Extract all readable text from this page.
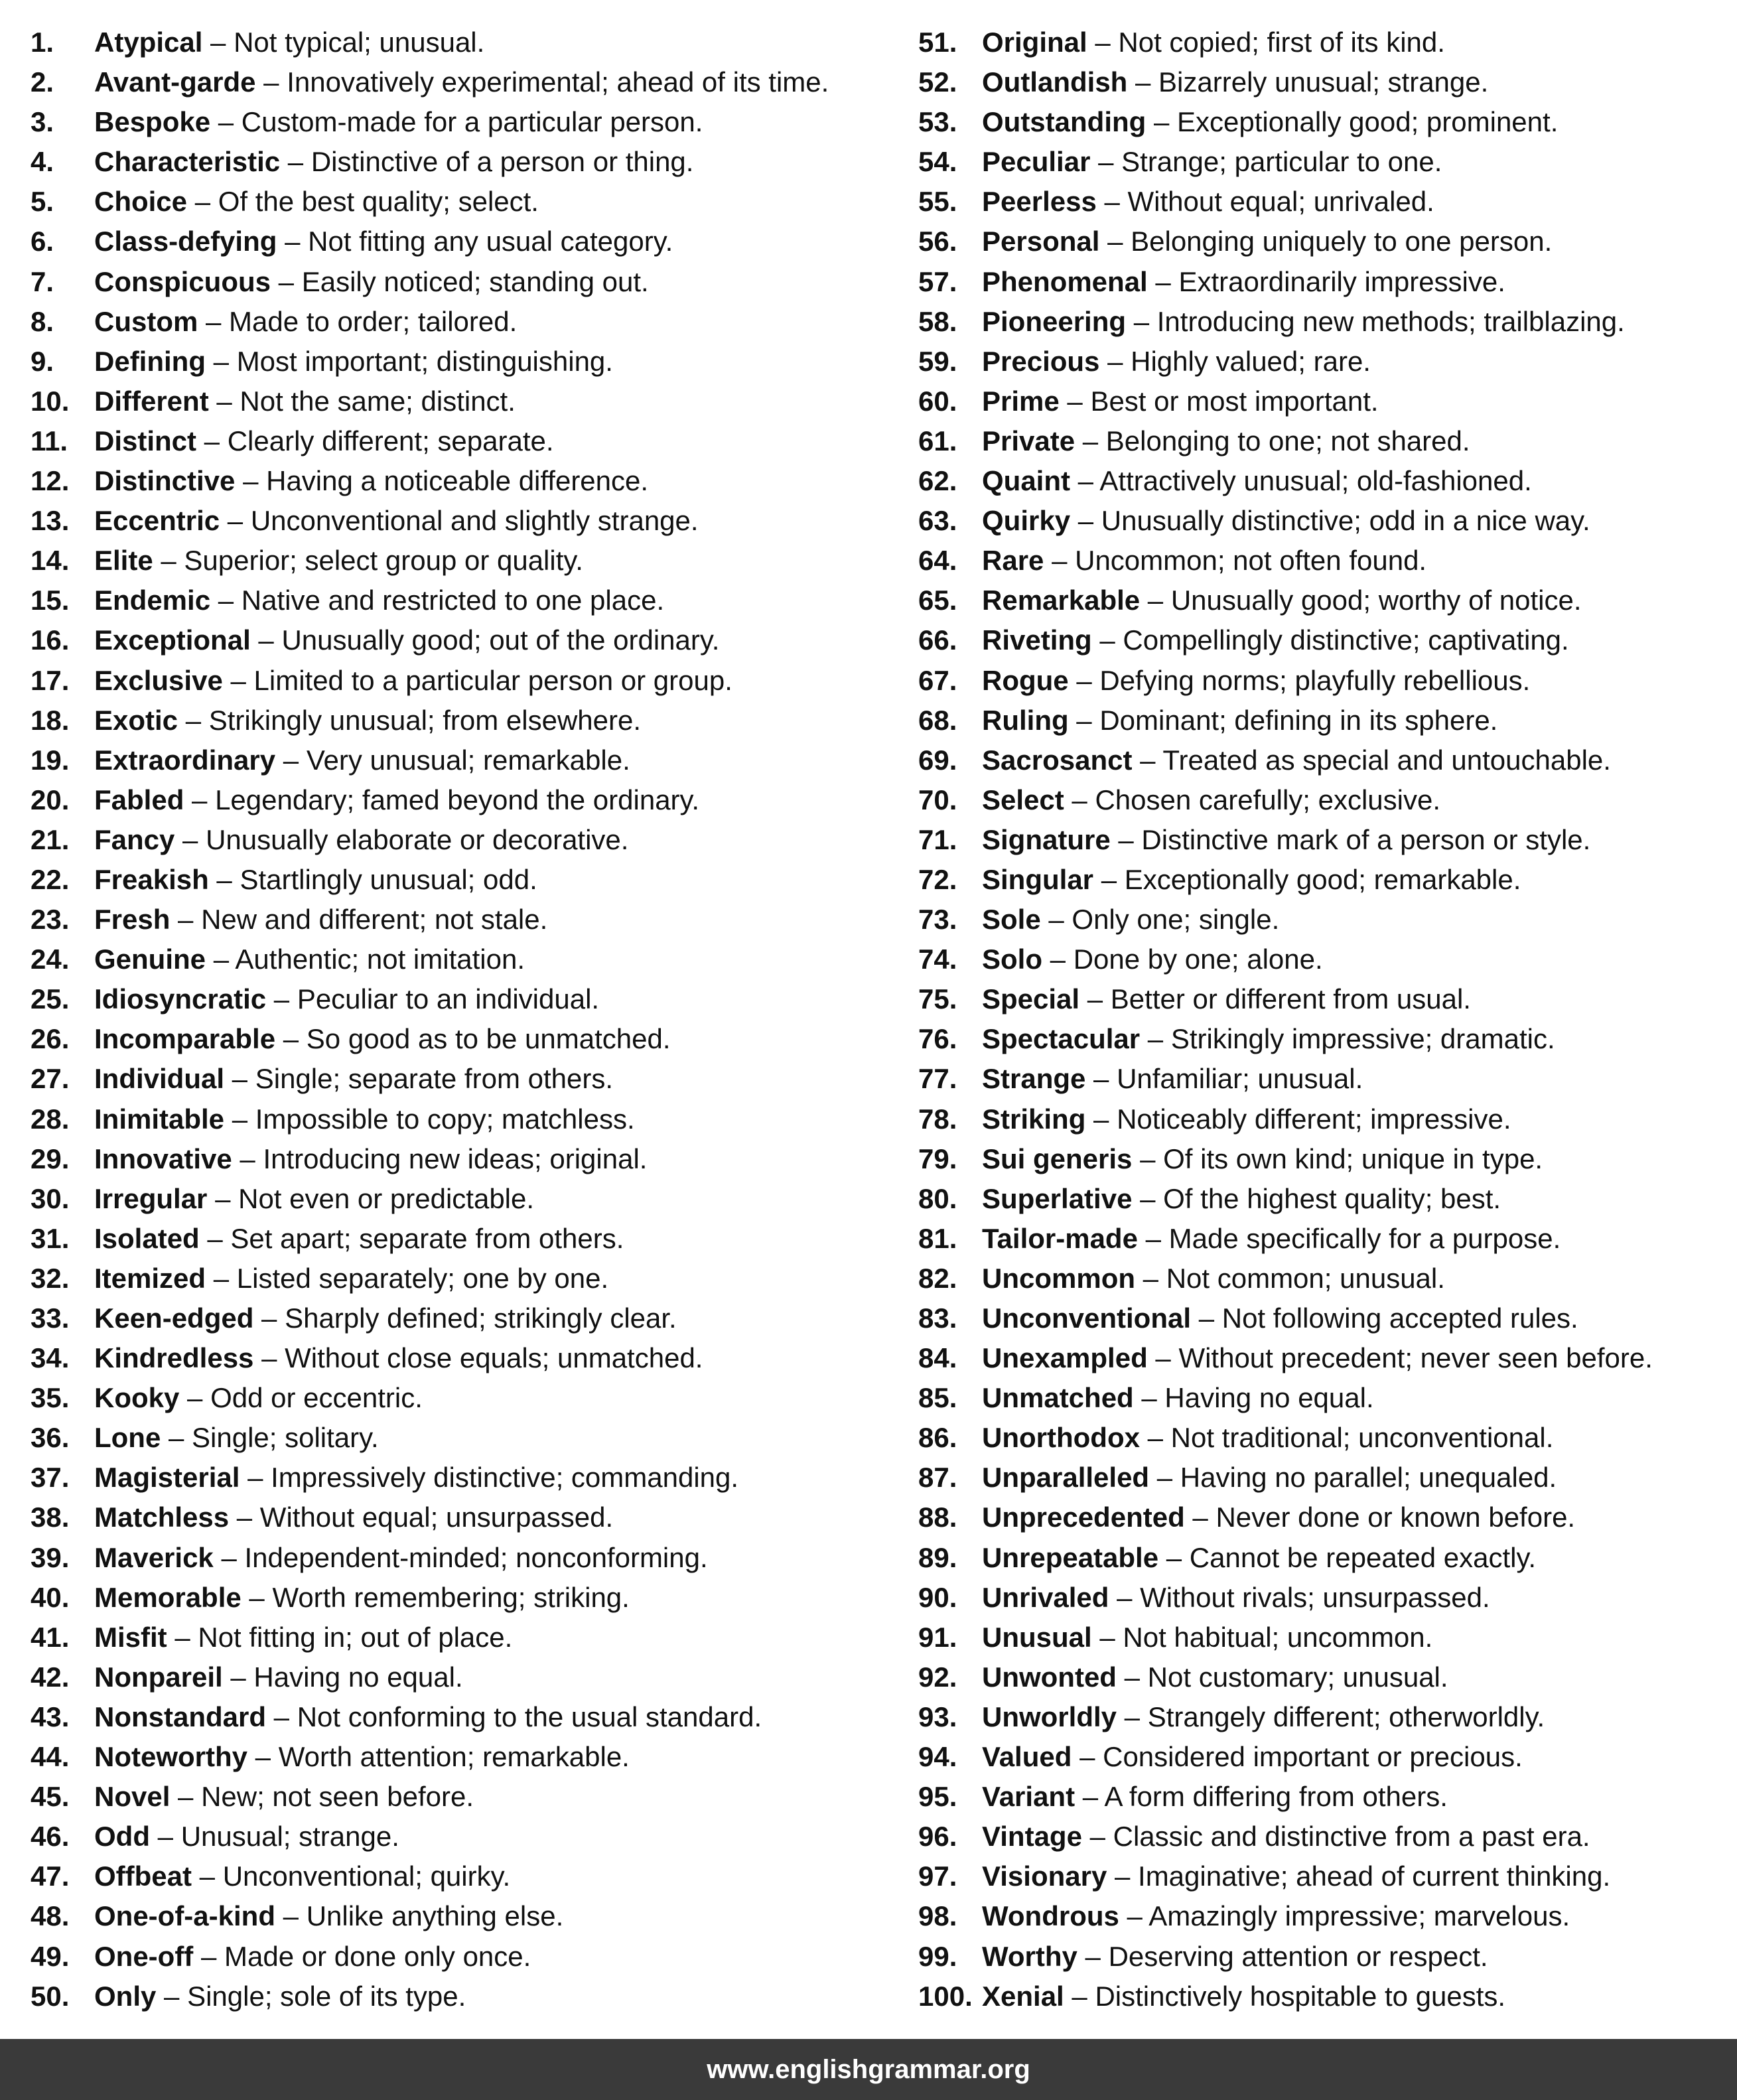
1. Atypical – Not typical; unusual.
2. Avant-garde – Innovatively experimental; ahead of its time.
3. Bespoke – Custom-made for a particular person.
4. Characteristic – Distinctive of a person or thing.
5. Choice – Of the best quality; select.
6. Class-defying – Not fitting any usual category.
7. Conspicuous – Easily noticed; standing out.
8. Custom – Made to order; tailored.
9. Defining – Most important; distinguishing.
10. Different – Not the same; distinct.
11. Distinct – Clearly different; separate.
12. Distinctive – Having a noticeable difference.
13. Eccentric – Unconventional and slightly strange.
14. Elite – Superior; select group or quality.
15. Endemic – Native and restricted to one place.
16. Exceptional – Unusually good; out of the ordinary.
17. Exclusive – Limited to a particular person or group.
18. Exotic – Strikingly unusual; from elsewhere.
19. Extraordinary – Very unusual; remarkable.
20. Fabled – Legendary; famed beyond the ordinary.
21. Fancy – Unusually elaborate or decorative.
22. Freakish – Startlingly unusual; odd.
23. Fresh – New and different; not stale.
24. Genuine – Authentic; not imitation.
25. Idiosyncratic – Peculiar to an individual.
26. Incomparable – So good as to be unmatched.
27. Individual – Single; separate from others.
28. Inimitable – Impossible to copy; matchless.
29. Innovative – Introducing new ideas; original.
30. Irregular – Not even or predictable.
31. Isolated – Set apart; separate from others.
32. Itemized – Listed separately; one by one.
33. Keen-edged – Sharply defined; strikingly clear.
34. Kindredless – Without close equals; unmatched.
35. Kooky – Odd or eccentric.
36. Lone – Single; solitary.
37. Magisterial – Impressively distinctive; commanding.
38. Matchless – Without equal; unsurpassed.
39. Maverick – Independent-minded; nonconforming.
40. Memorable – Worth remembering; striking.
41. Misfit – Not fitting in; out of place.
42. Nonpareil – Having no equal.
43. Nonstandard – Not conforming to the usual standard.
44. Noteworthy – Worth attention; remarkable.
45. Novel – New; not seen before.
46. Odd – Unusual; strange.
47. Offbeat – Unconventional; quirky.
48. One-of-a-kind – Unlike anything else.
49. One-off – Made or done only once.
50. Only – Single; sole of its type.
51. Original – Not copied; first of its kind.
52. Outlandish – Bizarrely unusual; strange.
53. Outstanding – Exceptionally good; prominent.
54. Peculiar – Strange; particular to one.
55. Peerless – Without equal; unrivaled.
56. Personal – Belonging uniquely to one person.
57. Phenomenal – Extraordinarily impressive.
58. Pioneering – Introducing new methods; trailblazing.
59. Precious – Highly valued; rare.
60. Prime – Best or most important.
61. Private – Belonging to one; not shared.
62. Quaint – Attractively unusual; old-fashioned.
63. Quirky – Unusually distinctive; odd in a nice way.
64. Rare – Uncommon; not often found.
65. Remarkable – Unusually good; worthy of notice.
66. Riveting – Compellingly distinctive; captivating.
67. Rogue – Defying norms; playfully rebellious.
68. Ruling – Dominant; defining in its sphere.
69. Sacrosanct – Treated as special and untouchable.
70. Select – Chosen carefully; exclusive.
71. Signature – Distinctive mark of a person or style.
72. Singular – Exceptionally good; remarkable.
73. Sole – Only one; single.
74. Solo – Done by one; alone.
75. Special – Better or different from usual.
76. Spectacular – Strikingly impressive; dramatic.
77. Strange – Unfamiliar; unusual.
78. Striking – Noticeably different; impressive.
79. Sui generis – Of its own kind; unique in type.
80. Superlative – Of the highest quality; best.
81. Tailor-made – Made specifically for a purpose.
82. Uncommon – Not common; unusual.
83. Unconventional – Not following accepted rules.
84. Unexampled – Without precedent; never seen before.
85. Unmatched – Having no equal.
86. Unorthodox – Not traditional; unconventional.
87. Unparalleled – Having no parallel; unequaled.
88. Unprecedented – Never done or known before.
89. Unrepeatable – Cannot be repeated exactly.
90. Unrivaled – Without rivals; unsurpassed.
91. Unusual – Not habitual; uncommon.
92. Unwonted – Not customary; unusual.
93. Unworldly – Strangely different; otherworldly.
94. Valued – Considered important or precious.
95. Variant – A form differing from others.
96. Vintage – Classic and distinctive from a past era.
97. Visionary – Imaginative; ahead of current thinking.
98. Wondrous – Amazingly impressive; marvelous.
99. Worthy – Deserving attention or respect.
100. Xenial – Distinctively hospitable to guests.
www.englishgrammar.org
